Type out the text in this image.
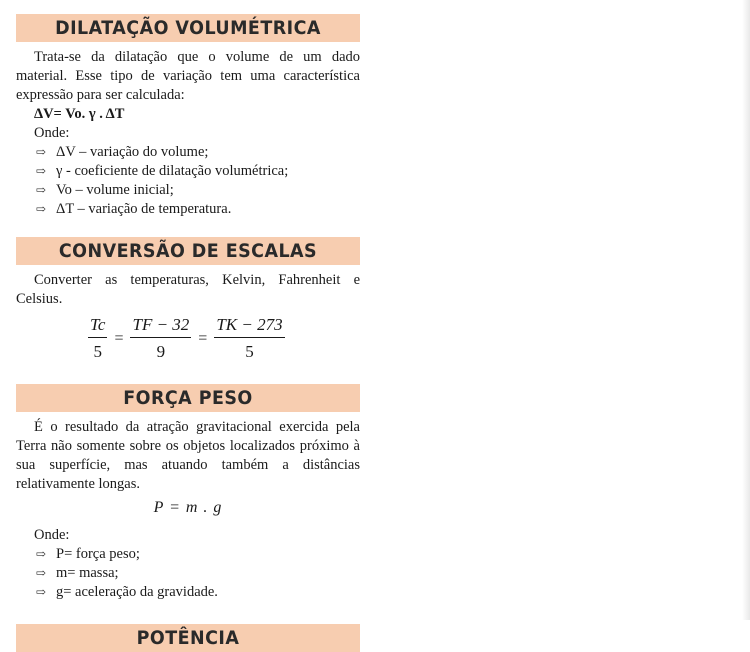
DILATAÇÃO VOLUMÉTRICA

Trata-se da dilatação que o volume de um dado material. Esse tipo de variação tem uma característica expressão para ser calculada:

ΔV= Vo. γ . ΔT
Onde:
⇨ ΔV – variação do volume;
⇨ γ - coeficiente de dilatação volumétrica;
⇨ Vo – volume inicial;
⇨ ΔT – variação de temperatura.
CONVERSÃO DE ESCALAS

Converter as temperaturas, Kelvin, Fahrenheit e Celsius.

$\frac{Tc}{5} = \frac{TF - 32}{9} = \frac{TK - 273}{5}$
FORÇA PESO

É o resultado da atração gravitacional exercida pela Terra não somente sobre os objetos localizados próximo à sua superfície, mas atuando também a distâncias relativamente longas.

P = m . g
Onde:
⇨ P= força peso;
⇨ m= massa;
⇨ g= aceleração da gravidade.
POTÊNCIA
